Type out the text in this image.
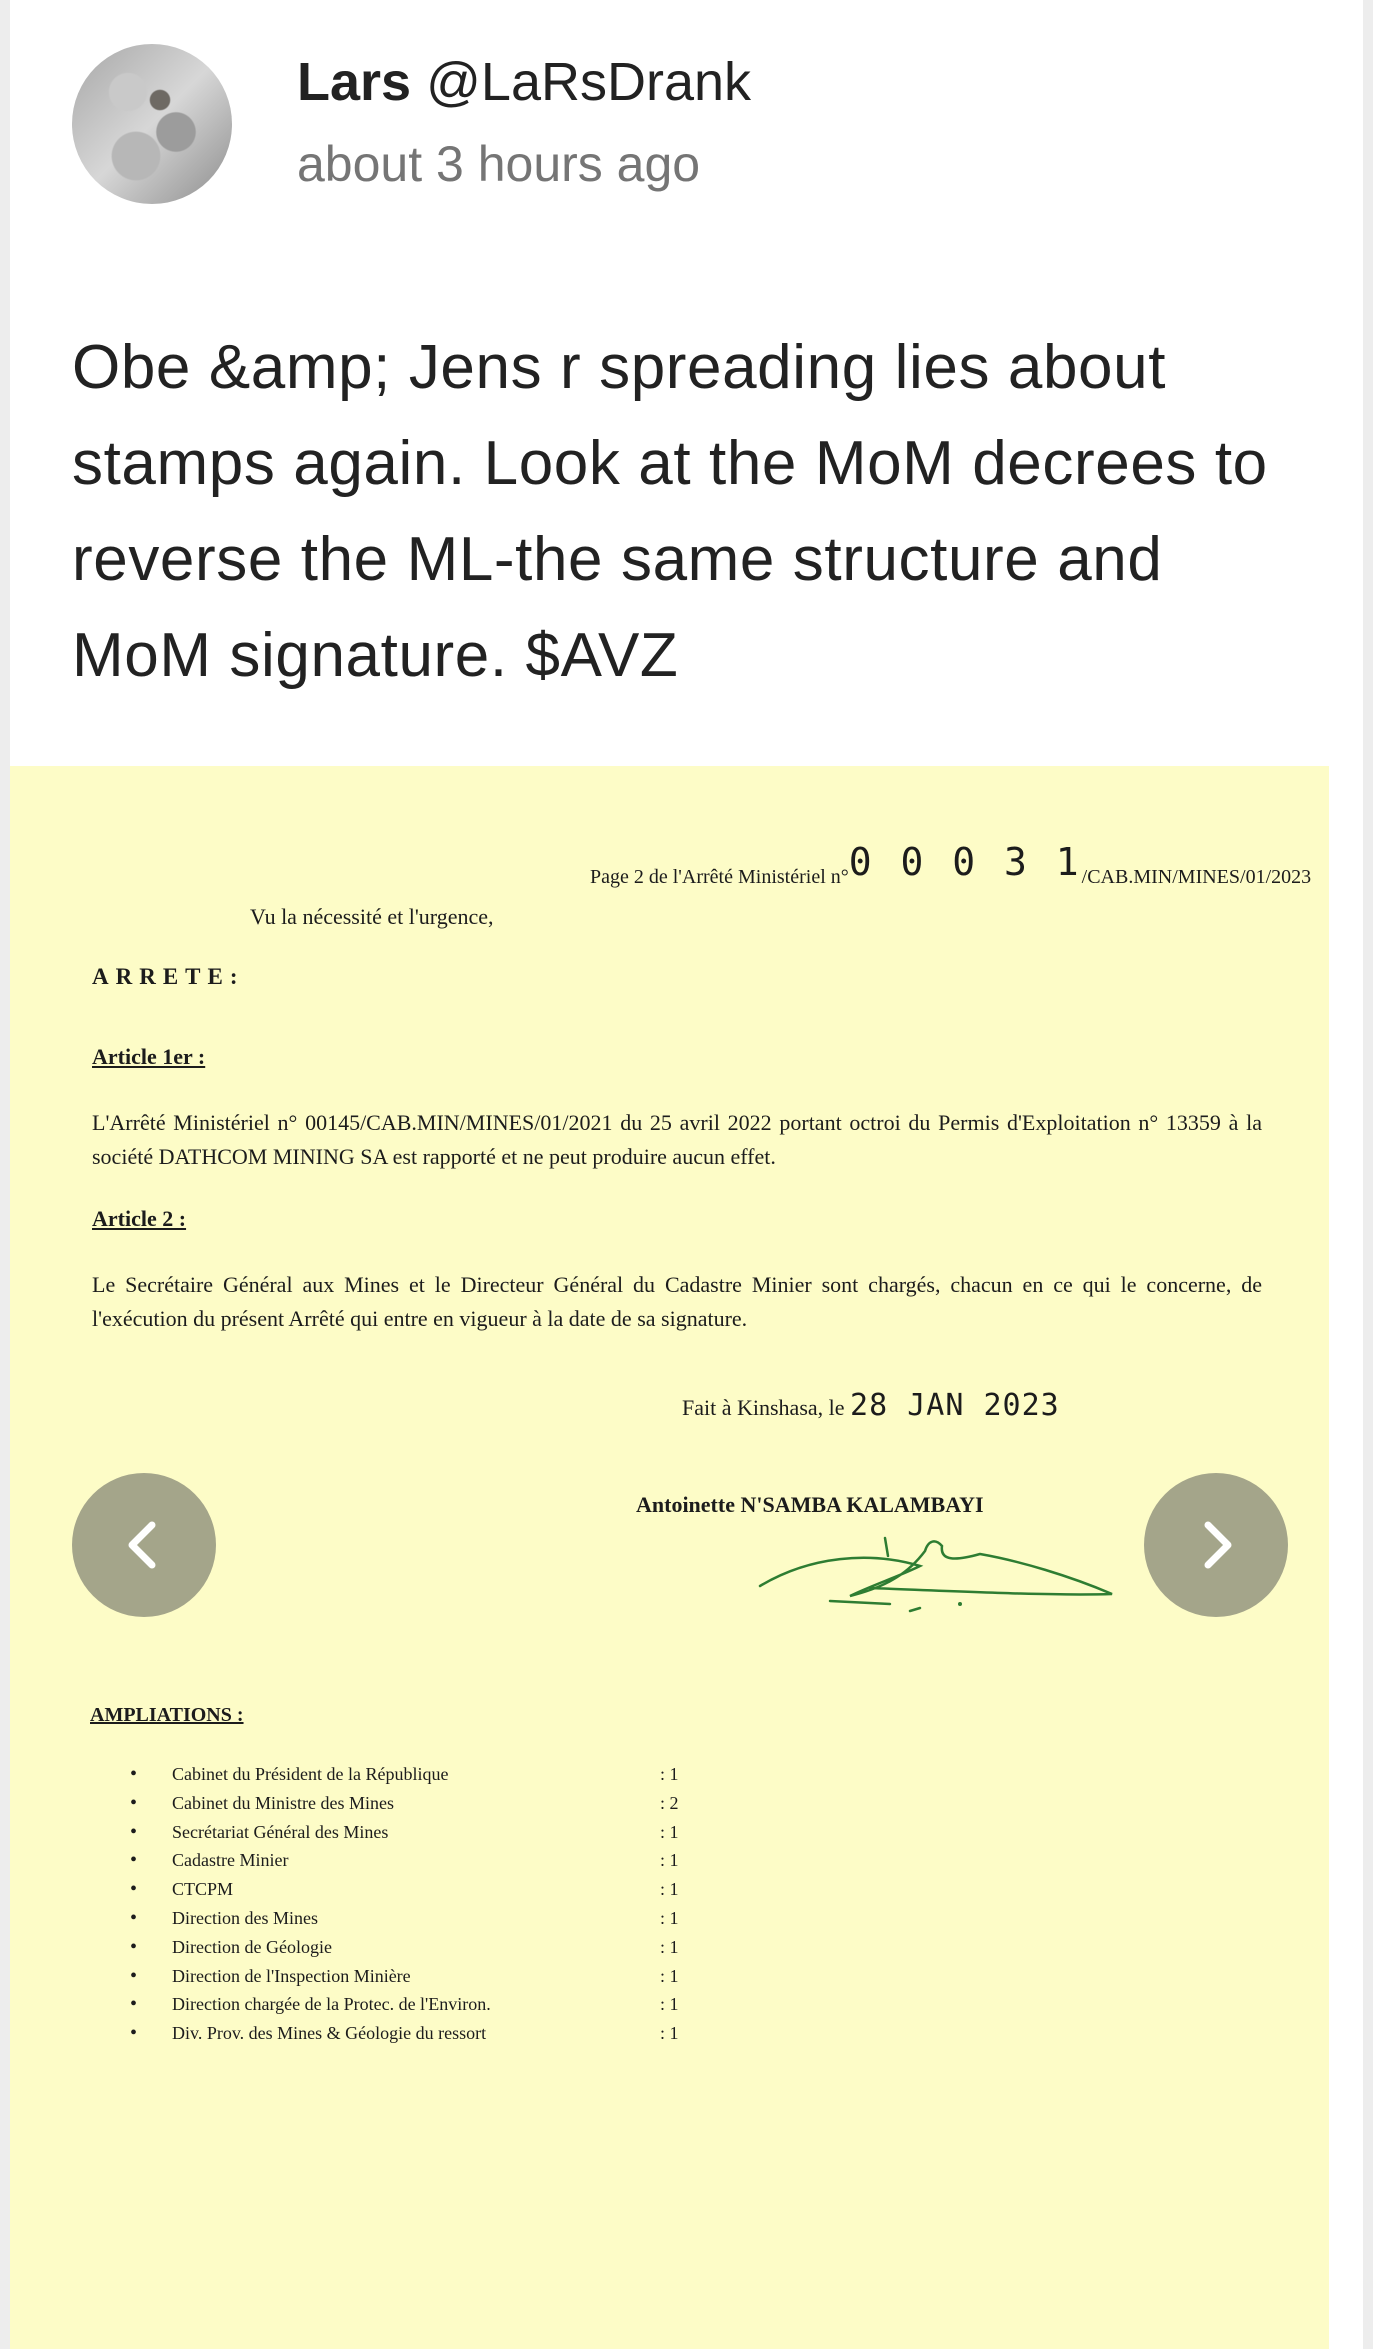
Lars @LaRsDrank
about 3 hours ago
Obe &amp; Jens r spreading lies about stamps again. Look at the MoM decrees to reverse the ML-the same structure and MoM signature. $AVZ
Page 2 de l'Arrêté Ministériel n°0 0 0 3 1/CAB.MIN/MINES/01/2023
Vu la nécessité et l'urgence,
ARRETE:
Article 1er :
L'Arrêté Ministériel n° 00145/CAB.MIN/MINES/01/2021 du 25 avril 2022 portant octroi du Permis d'Exploitation n° 13359 à la société DATHCOM MINING SA est rapporté et ne peut produire aucun effet.
Article 2 :
Le Secrétaire Général aux Mines et le Directeur Général du Cadastre Minier sont chargés, chacun en ce qui le concerne, de l'exécution du présent Arrêté qui entre en vigueur à la date de sa signature.
Fait à Kinshasa, le 28 JAN 2023
Antoinette N'SAMBA KALAMBAYI
AMPLIATIONS :
• Cabinet du Président de la République	: 1
• Cabinet du Ministre des Mines	: 2
• Secrétariat Général des Mines	: 1
• Cadastre Minier	: 1
• CTCPM	: 1
• Direction des Mines	: 1
• Direction de Géologie	: 1
• Direction de l'Inspection Minière	: 1
• Direction chargée de la Protec. de l'Environ.	: 1
• Div. Prov. des Mines & Géologie du ressort	: 1
